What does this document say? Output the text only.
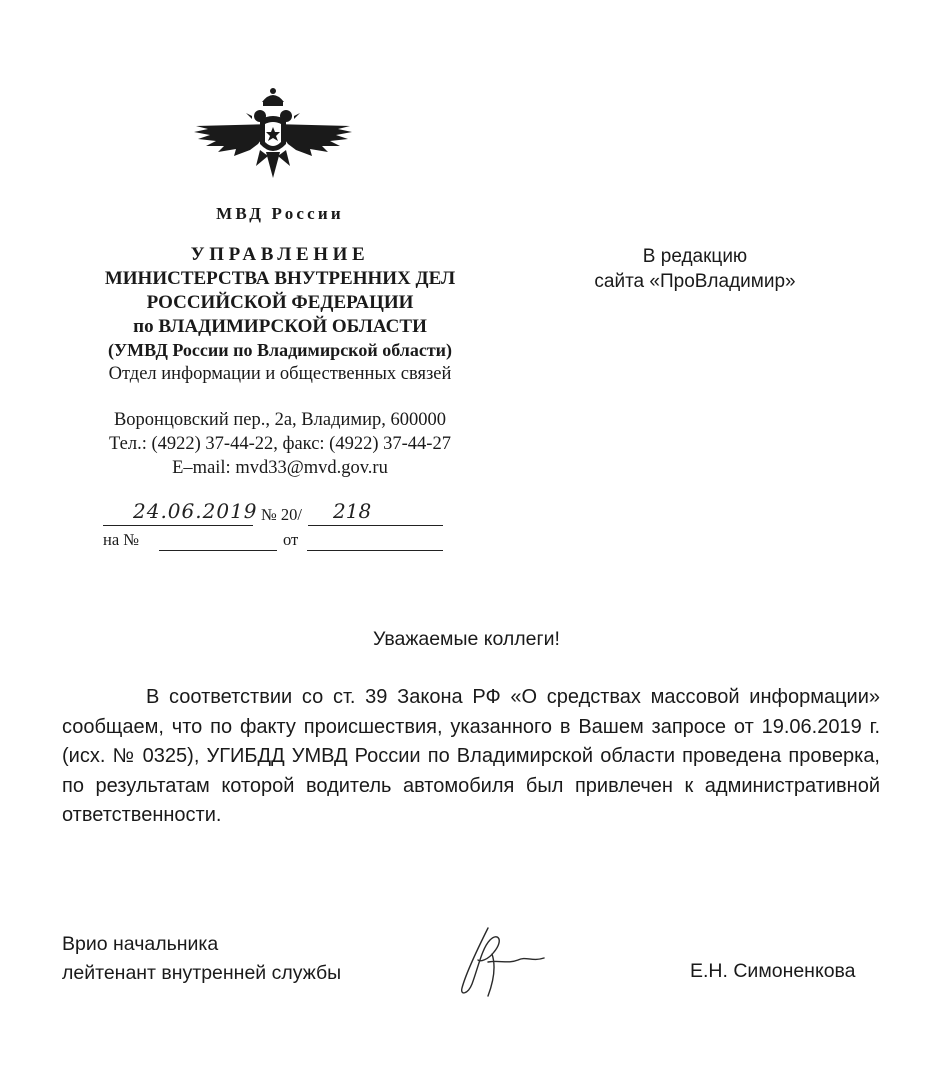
МВД России
УПРАВЛЕНИЕ
МИНИСТЕРСТВА ВНУТРЕННИХ ДЕЛ
РОССИЙСКОЙ ФЕДЕРАЦИИ
по ВЛАДИМИРСКОЙ ОБЛАСТИ
(УМВД России по Владимирской области)
Отдел информации и общественных связей
Воронцовский пер., 2а, Владимир, 600000
Тел.: (4922) 37-44-22, факс: (4922) 37-44-27
E–mail: mvd33@mvd.gov.ru
24.06.2019 № 20/ 218
на №	от
В редакцию
сайта «ПроВладимир»
Уважаемые коллеги!
В соответствии со ст. 39 Закона РФ «О средствах массовой информации» сообщаем, что по факту происшествия, указанного в Вашем запросе от 19.06.2019 г. (исх. № 0325), УГИБДД УМВД России по Владимирской области проведена проверка, по результатам которой водитель автомобиля был привлечен к административной ответственности.
Врио начальника
лейтенант внутренней службы	Е.Н. Симоненкова
